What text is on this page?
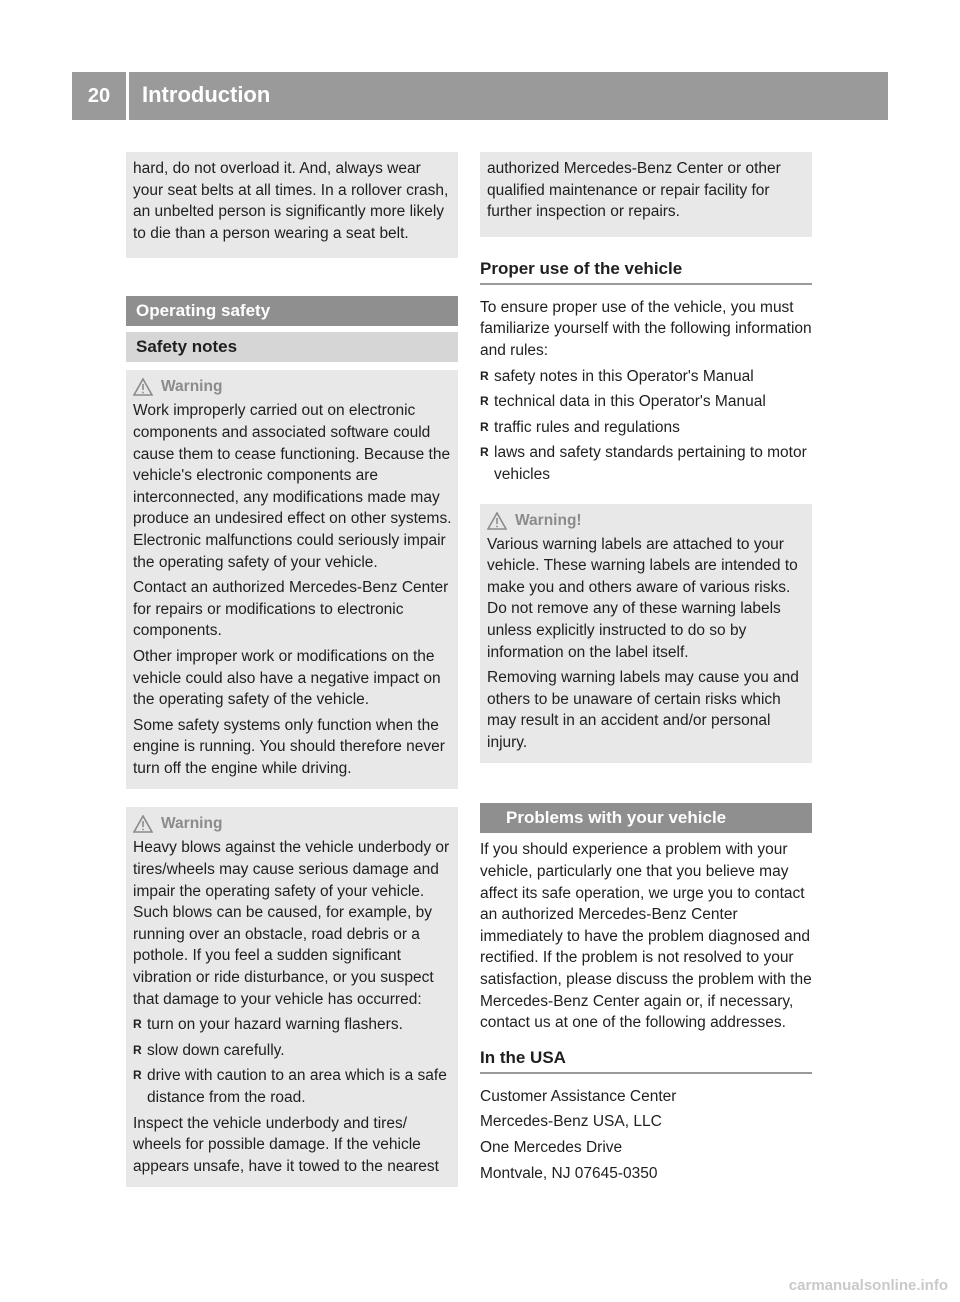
20	Introduction

hard, do not overload it. And, always wear your seat belts at all times. In a rollover crash, an unbelted person is significantly more likely to die than a person wearing a seat belt.

Operating safety
Safety notes
Warning

Work improperly carried out on electronic components and associated software could cause them to cease functioning. Because the vehicle's electronic components are interconnected, any modifications made may produce an undesired effect on other systems. Electronic malfunctions could seriously impair the operating safety of your vehicle.

Contact an authorized Mercedes-Benz Center for repairs or modifications to electronic components.

Other improper work or modifications on the vehicle could also have a negative impact on the operating safety of the vehicle.

Some safety systems only function when the engine is running. You should therefore never turn off the engine while driving.

Warning

Heavy blows against the vehicle underbody or tires/wheels may cause serious damage and impair the operating safety of your vehicle. Such blows can be caused, for example, by running over an obstacle, road debris or a pothole. If you feel a sudden significant vibration or ride disturbance, or you suspect that damage to your vehicle has occurred:

R turn on your hazard warning flashers.
R slow down carefully.
R drive with caution to an area which is a safe distance from the road.

Inspect the vehicle underbody and tires/ wheels for possible damage. If the vehicle appears unsafe, have it towed to the nearest

authorized Mercedes-Benz Center or other qualified maintenance or repair facility for further inspection or repairs.

Proper use of the vehicle

To ensure proper use of the vehicle, you must familiarize yourself with the following information and rules:

R safety notes in this Operator's Manual
R technical data in this Operator's Manual
R traffic rules and regulations
R laws and safety standards pertaining to motor vehicles
Warning!

Various warning labels are attached to your vehicle. These warning labels are intended to make you and others aware of various risks. Do not remove any of these warning labels unless explicitly instructed to do so by information on the label itself.

Removing warning labels may cause you and others to be unaware of certain risks which may result in an accident and/or personal injury.

Problems with your vehicle

If you should experience a problem with your vehicle, particularly one that you believe may affect its safe operation, we urge you to contact an authorized Mercedes-Benz Center immediately to have the problem diagnosed and rectified. If the problem is not resolved to your satisfaction, please discuss the problem with the Mercedes-Benz Center again or, if necessary, contact us at one of the following addresses.

In the USA

Customer Assistance Center

Mercedes-Benz USA, LLC

One Mercedes Drive

Montvale, NJ 07645-0350

carmanualsonline.info
